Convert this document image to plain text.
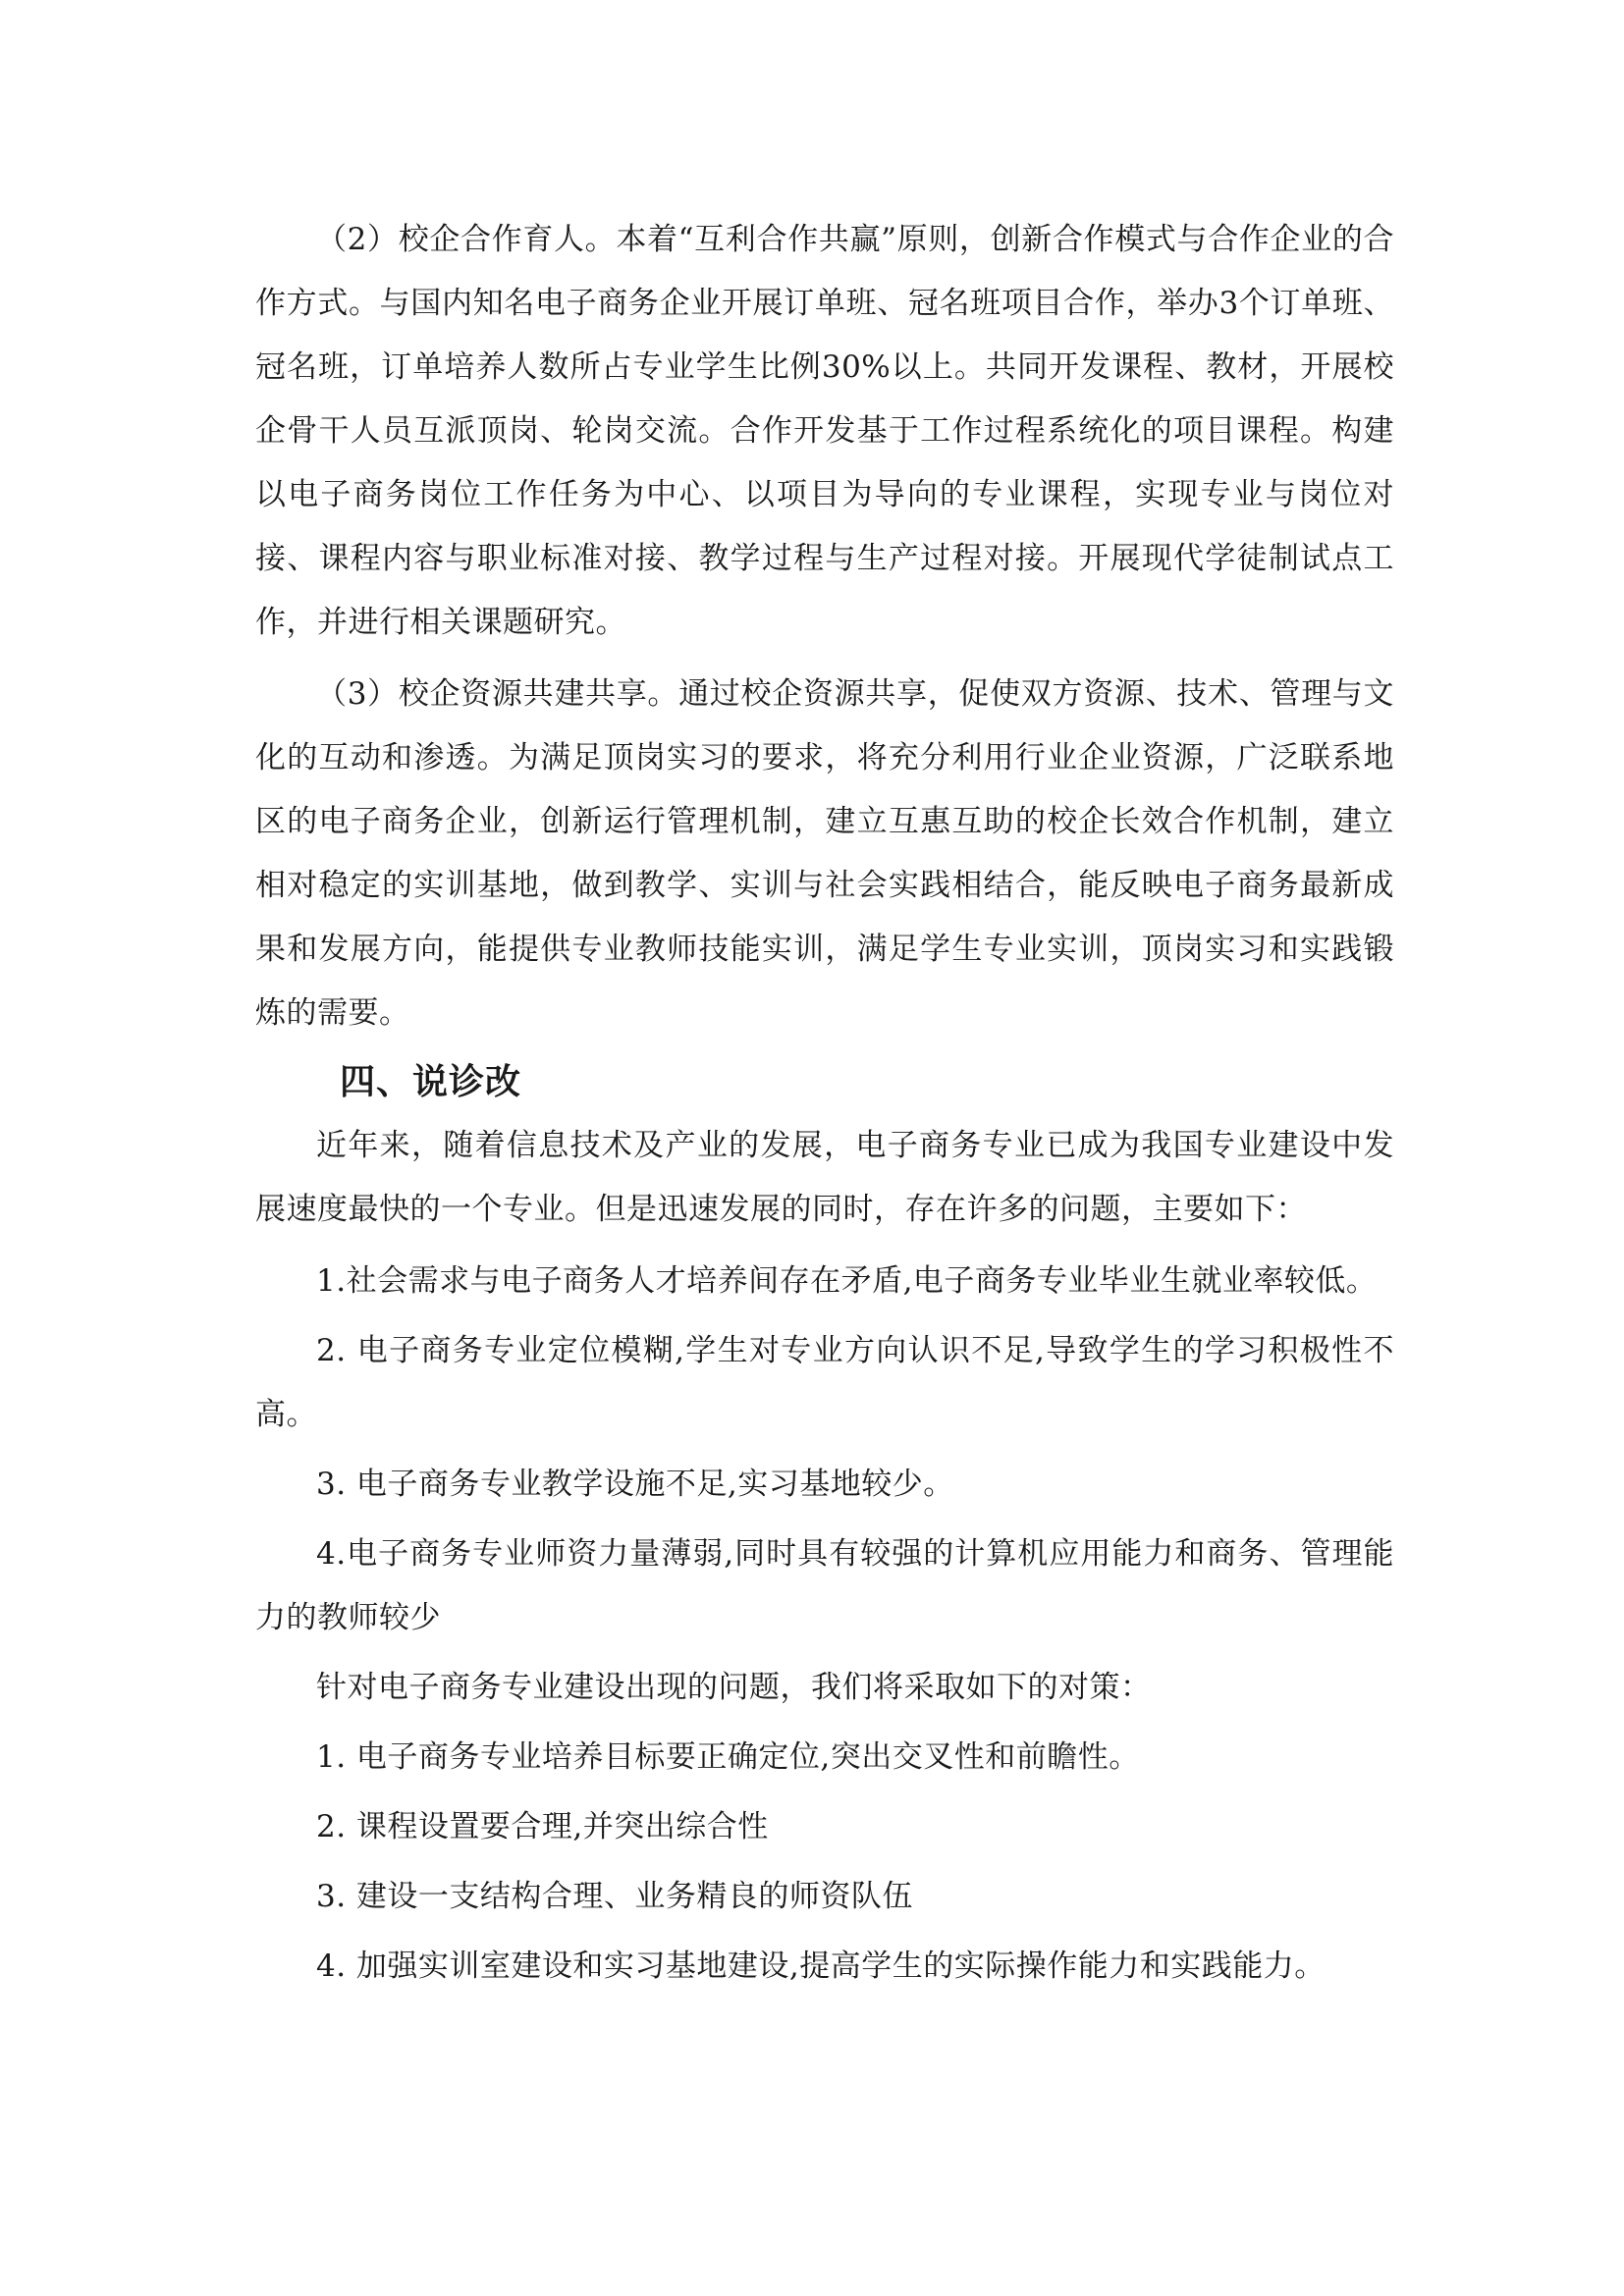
（2）校企合作育人。本着“互利合作共赢”原则，创新合作模式与合作企业的合作方式。与国内知名电子商务企业开展订单班、冠名班项目合作，举办3个订单班、冠名班，订单培养人数所占专业学生比例30%以上。共同开发课程、教材，开展校企骨干人员互派顶岗、轮岗交流。合作开发基于工作过程系统化的项目课程。构建以电子商务岗位工作任务为中心、以项目为导向的专业课程，实现专业与岗位对接、课程内容与职业标准对接、教学过程与生产过程对接。开展现代学徒制试点工作，并进行相关课题研究。

（3）校企资源共建共享。通过校企资源共享，促使双方资源、技术、管理与文化的互动和渗透。为满足顶岗实习的要求，将充分利用行业企业资源，广泛联系地区的电子商务企业，创新运行管理机制，建立互惠互助的校企长效合作机制，建立相对稳定的实训基地，做到教学、实训与社会实践相结合，能反映电子商务最新成果和发展方向，能提供专业教师技能实训，满足学生专业实训，顶岗实习和实践锻炼的需要。

四、说诊改

近年来，随着信息技术及产业的发展，电子商务专业已成为我国专业建设中发展速度最快的一个专业。但是迅速发展的同时，存在许多的问题，主要如下：

1.社会需求与电子商务人才培养间存在矛盾,电子商务专业毕业生就业率较低。

2. 电子商务专业定位模糊,学生对专业方向认识不足,导致学生的学习积极性不高。

3. 电子商务专业教学设施不足,实习基地较少。

4.电子商务专业师资力量薄弱,同时具有较强的计算机应用能力和商务、管理能力的教师较少

针对电子商务专业建设出现的问题，我们将采取如下的对策：

1. 电子商务专业培养目标要正确定位,突出交叉性和前瞻性。

2. 课程设置要合理,并突出综合性

3. 建设一支结构合理、业务精良的师资队伍

4. 加强实训室建设和实习基地建设,提高学生的实际操作能力和实践能力。
